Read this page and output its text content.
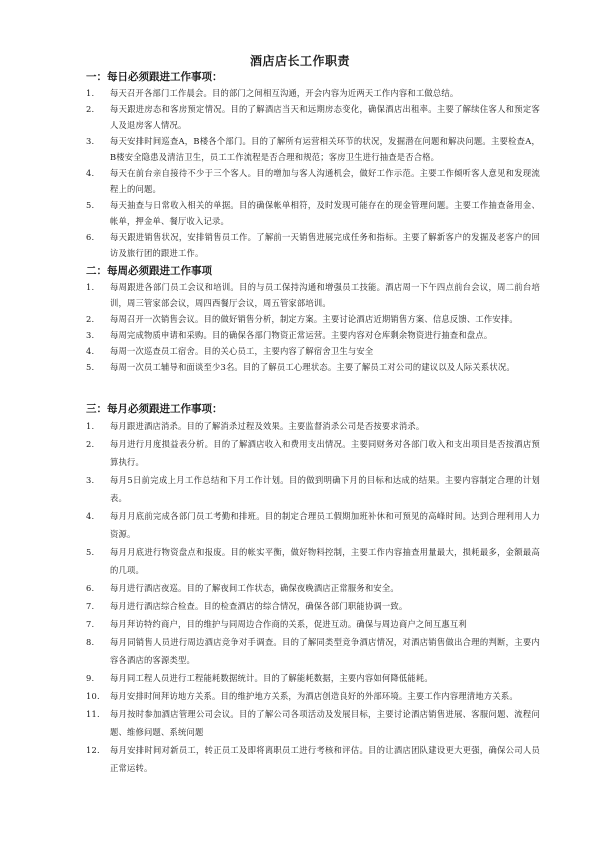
酒店店长工作职责
一：每日必须跟进工作事项：
1. 每天召开各部门工作晨会。目的部门之间相互沟通，开会内容为近两天工作内容和工做总结。
2. 每天跟进房态和客房预定情况。目的了解酒店当天和远期房态变化，确保酒店出租率。主要了解续住客人和预定客人及退房客人情况。
3. 每天安排时间巡查A，B楼各个部门。目的了解所有运营相关环节的状况，发掘潜在问题和解决问题。主要检查A，B楼安全隐患及清洁卫生，员工工作流程是否合理和规范；客房卫生进行抽查是否合格。
4. 每天在前台亲自接待不少于三个客人。目的增加与客人沟通机会，做好工作示范。主要工作倾听客人意见和发现流程上的问题。
5. 每天抽查与日常收入相关的单据。目的确保帐单相符，及时发现可能存在的现金管理问题。主要工作抽查备用金、帐单，押金单、餐厅收入记录。
6. 每天跟进销售状况，安排销售员工作。了解前一天销售进展完成任务和指标。主要了解新客户的发掘及老客户的回访及旅行团的跟进工作。
二：每周必须跟进工作事项
1. 每周跟进各部门员工会议和培训。目的与员工保持沟通和增强员工技能。酒店周一下午四点前台会议，周二前台培训，周三管家部会议，周四西餐厅会议，周五管家部培训。
2. 每周召开一次销售会议。目的做好销售分析，制定方案。主要讨论酒店近期销售方案、信息反馈、工作安排。
3. 每周完成物质申请和采购。目的确保各部门物资正常运营。主要内容对仓库剩余物资进行抽查和盘点。
4. 每周一次巡查员工宿舍。目的关心员工，主要内容了解宿舍卫生与安全
5. 每周一次员工辅导和面谈至少3名。目的了解员工心理状态。主要了解员工对公司的建议以及人际关系状况。
三：每月必须跟进工作事项：
1. 每月跟进酒店消杀。目的了解消杀过程及效果。主要监督消杀公司是否按要求消杀。
2. 每月进行月度损益表分析。目的了解酒店收入和费用支出情况。主要同财务对各部门收入和支出项目是否按酒店预算执行。
3. 每月5日前完成上月工作总结和下月工作计划。目的做到明确下月的目标和达成的结果。主要内容制定合理的计划表。
4. 每月月底前完成各部门员工考勤和排班。目的制定合理员工假期加班补休和可预见的高峰时间。达到合理利用人力资源。
5. 每月月底进行物资盘点和报废。目的帐实平衡，做好物料控制，主要工作内容抽查用量最大，损耗最多，金额最高的几项。
6. 每月进行酒店夜巡。目的了解夜间工作状态，确保夜晚酒店正常服务和安全。
7. 每月进行酒店综合检查。目的检查酒店的综合情况，确保各部门职能协调一致。
7. 每月拜访特约商户，目的维护与同周边合作商的关系，促进互动。确保与周边商户之间互惠互利
8. 每月同销售人员进行周边酒店竞争对手调查。目的了解同类型竞争酒店情况，对酒店销售做出合理的判断，主要内容各酒店的客源类型。
9. 每月同工程人员进行工程能耗数据统计。目的了解能耗数据，主要内容如何降低能耗。
10. 每月安排时间拜访地方关系。目的维护地方关系，为酒店创造良好的外部环境。主要工作内容理清地方关系。
11. 每月按时参加酒店管理公司会议。目的了解公司各项活动及发展目标，主要讨论酒店销售进展、客服问题、流程问题、维修问题、系统问题
12. 每月安排时间对新员工，转正员工及即将离职员工进行考核和评估。目的让酒店团队建设更大更强，确保公司人员正常运转。
